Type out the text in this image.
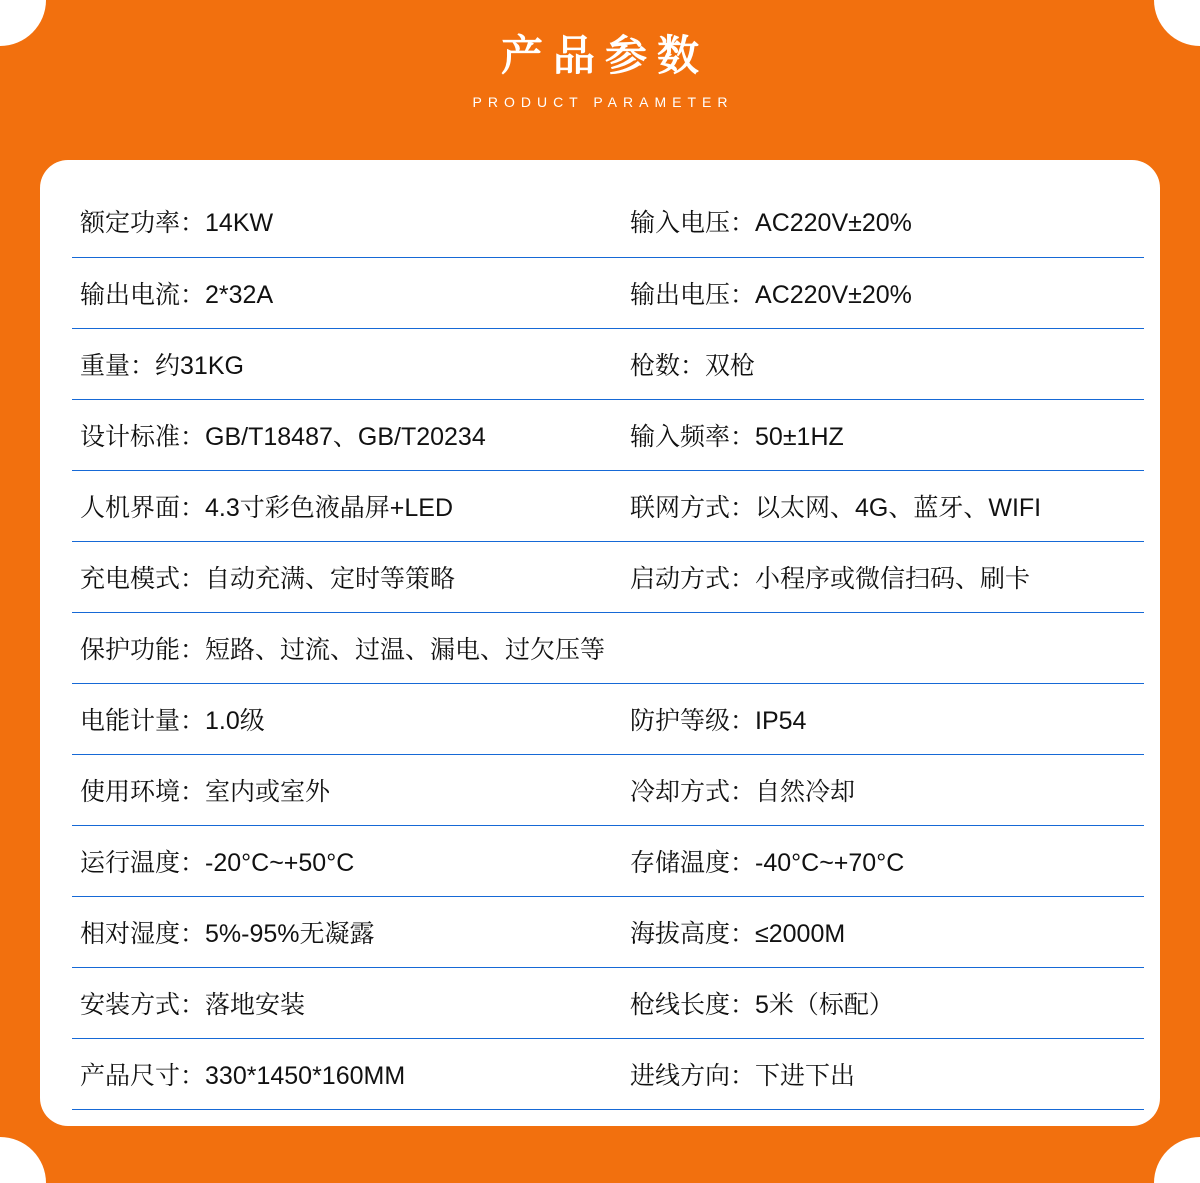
产品参数
PRODUCT PARAMETER
额定功率：14KW	输入电压：AC220V±20%
输出电流：2*32A	输出电压：AC220V±20%
重量：约31KG	枪数：双枪
设计标准：GB/T18487、GB/T20234	输入频率：50±1HZ
人机界面：4.3寸彩色液晶屏+LED	联网方式：以太网、4G、蓝牙、WIFI
充电模式：自动充满、定时等策略	启动方式：小程序或微信扫码、刷卡
保护功能：短路、过流、过温、漏电、过欠压等	
电能计量：1.0级	防护等级：IP54
使用环境：室内或室外	冷却方式：自然冷却
运行温度：-20°C~+50°C	存储温度：-40°C~+70°C
相对湿度：5%-95%无凝露	海拔高度：≤2000M
安装方式：落地安装	枪线长度：5米（标配）
产品尺寸：330*1450*160MM	进线方向：下进下出
